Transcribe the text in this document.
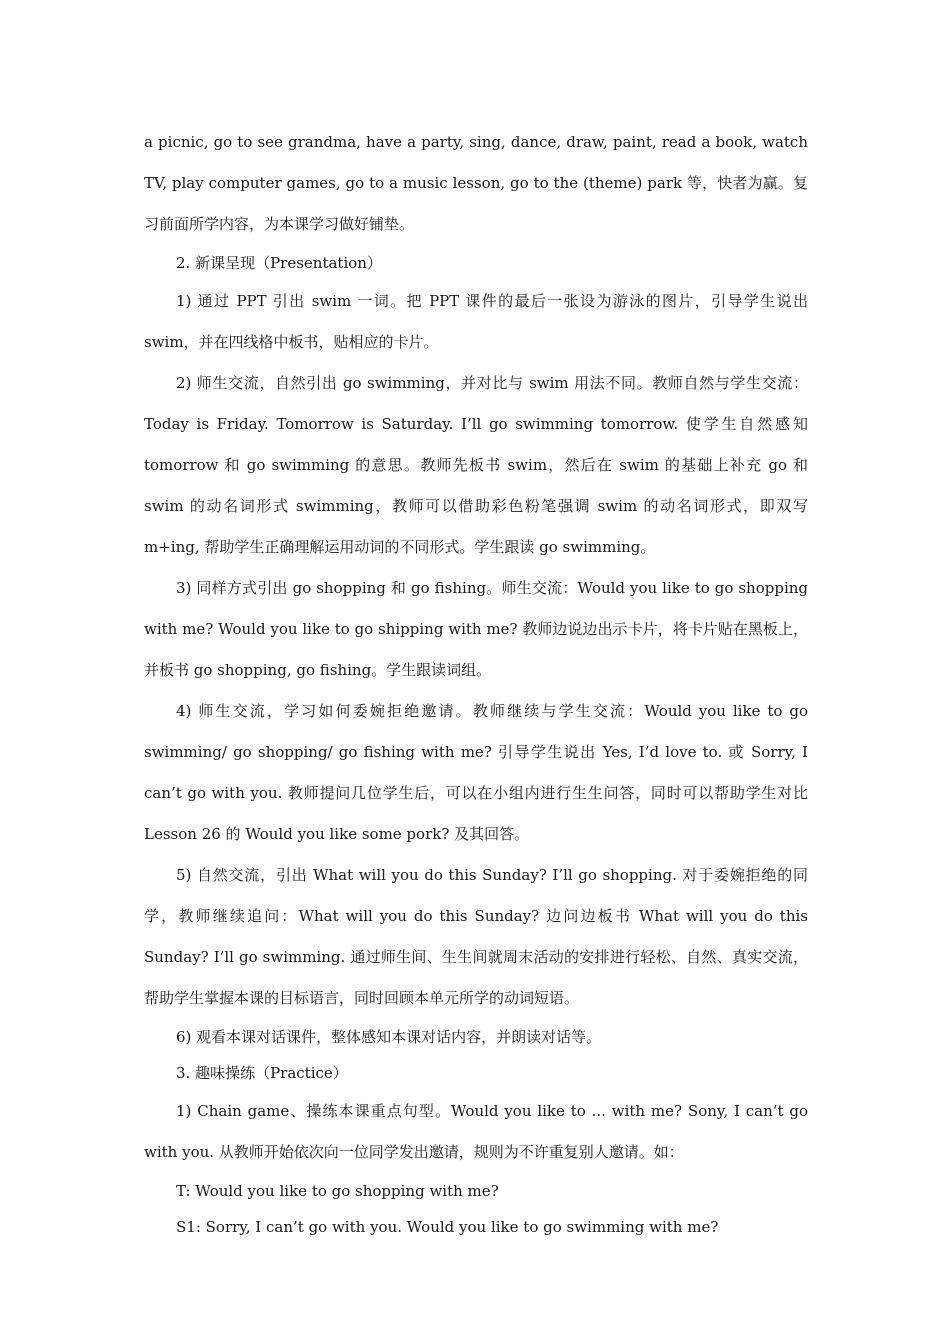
a picnic, go to see grandma, have a party, sing, dance, draw, paint, read a book, watch TV, play computer games, go to a music lesson, go to the (theme) park 等，快者为赢。复习前面所学内容，为本课学习做好铺垫。

2. 新课呈现（Presentation）

1) 通过 PPT 引出 swim 一词。把 PPT 课件的最后一张设为游泳的图片，引导学生说出 swim，并在四线格中板书，贴相应的卡片。

2) 师生交流，自然引出 go swimming，并对比与 swim 用法不同。教师自然与学生交流：Today is Friday. Tomorrow is Saturday. I’ll go swimming tomorrow. 使学生自然感知 tomorrow 和 go swimming 的意思。教师先板书 swim，然后在 swim 的基础上补充 go 和 swim 的动名词形式 swimming，教师可以借助彩色粉笔强调 swim 的动名词形式，即双写 m+ing, 帮助学生正确理解运用动词的不同形式。学生跟读 go swimming。

3) 同样方式引出 go shopping 和 go fishing。师生交流：Would you like to go shopping with me? Would you like to go shipping with me? 教师边说边出示卡片，将卡片贴在黑板上，并板书 go shopping, go fishing。学生跟读词组。

4) 师生交流，学习如何委婉拒绝邀请。教师继续与学生交流：Would you like to go swimming/ go shopping/ go fishing with me? 引导学生说出 Yes, I’d love to. 或 Sorry, I can’t go with you. 教师提问几位学生后，可以在小组内进行生生问答，同时可以帮助学生对比 Lesson 26 的 Would you like some pork? 及其回答。

5) 自然交流，引出 What will you do this Sunday? I’ll go shopping. 对于委婉拒绝的同学，教师继续追问：What will you do this Sunday? 边问边板书 What will you do this Sunday? I’ll go swimming. 通过师生间、生生间就周末活动的安排进行轻松、自然、真实交流，帮助学生掌握本课的目标语言，同时回顾本单元所学的动词短语。

6) 观看本课对话课件，整体感知本课对话内容，并朗读对话等。

3. 趣味操练（Practice）

1) Chain game、操练本课重点句型。Would you like to ... with me? Sony, I can’t go with you. 从教师开始依次向一位同学发出邀请，规则为不许重复别人邀请。如：

T: Would you like to go shopping with me?

S1: Sorry, I can’t go with you. Would you like to go swimming with me?
